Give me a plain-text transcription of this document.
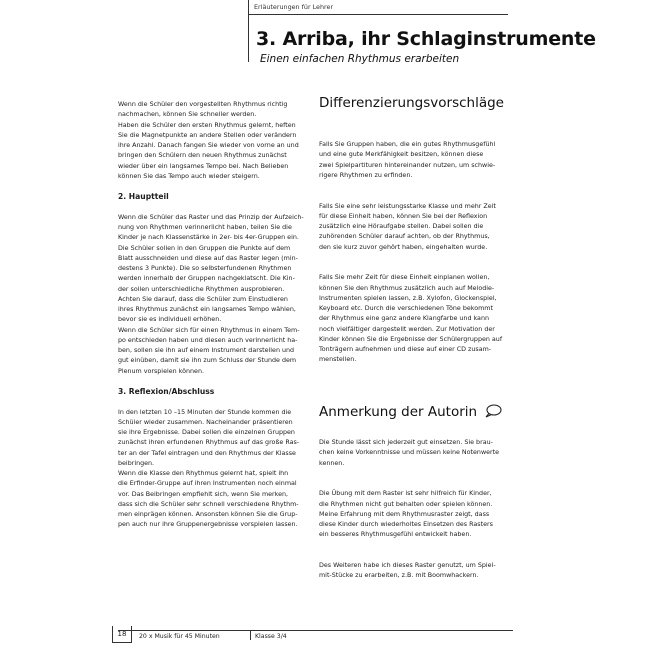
Erläuterungen für Lehrer
3. Arriba, ihr Schlaginstrumente
Einen einfachen Rhythmus erarbeiten

Wenn die Schüler den vorgestellten Rhythmus richtig

nachmachen, können Sie schneller werden.

Haben die Schüler den ersten Rhythmus gelernt, heften

Sie die Magnetpunkte an andere Stellen oder verändern

ihre Anzahl. Danach fangen Sie wieder von vorne an und

bringen den Schülern den neuen Rhythmus zunächst

wieder über ein langsames Tempo bei. Nach Belieben

können Sie das Tempo auch wieder steigern.

2. Hauptteil

Wenn die Schüler das Raster und das Prinzip der Aufzeich-

nung von Rhythmen verinnerlicht haben, teilen Sie die

Kinder je nach Klassenstärke in 2er- bis 4er-Gruppen ein.

Die Schüler sollen in den Gruppen die Punkte auf dem

Blatt ausschneiden und diese auf das Raster legen (min-

destens 3 Punkte). Die so selbsterfundenen Rhythmen

werden innerhalb der Gruppen nachgeklatscht. Die Kin-

der sollen unterschiedliche Rhythmen ausprobieren.

Achten Sie darauf, dass die Schüler zum Einstudieren

ihres Rhythmus zunächst ein langsames Tempo wählen,

bevor sie es individuell erhöhen.

Wenn die Schüler sich für einen Rhythmus in einem Tem-

po entschieden haben und diesen auch verinnerlicht ha-

ben, sollen sie ihn auf einem Instrument darstellen und

gut einüben, damit sie ihn zum Schluss der Stunde dem

Plenum vorspielen können.

3. Reflexion/Abschluss

In den letzten 10 –15 Minuten der Stunde kommen die

Schüler wieder zusammen. Nacheinander präsentieren

sie ihre Ergebnisse. Dabei sollen die einzelnen Gruppen

zunächst ihren erfundenen Rhythmus auf das große Ras-

ter an der Tafel eintragen und den Rhythmus der Klasse

beibringen.

Wenn die Klasse den Rhythmus gelernt hat, spielt ihn

die Erfinder-Gruppe auf ihren Instrumenten noch einmal

vor. Das Beibringen empfiehlt sich, wenn Sie merken,

dass sich die Schüler sehr schnell verschiedene Rhythm-

men einprägen können. Ansonsten können Sie die Grup-

pen auch nur ihre Gruppenergebnisse vorspielen lassen.

Differenzierungsvorschläge

Falls Sie Gruppen haben, die ein gutes Rhythmusgefühl

und eine gute Merkfähigkeit besitzen, können diese

zwei Spielpartituren hintereinander nutzen, um schwie-

rigere Rhythmen zu erfinden.

Falls Sie eine sehr leistungsstarke Klasse und mehr Zeit

für diese Einheit haben, können Sie bei der Reflexion

zusätzlich eine Höraufgabe stellen. Dabei sollen die

zuhörenden Schüler darauf achten, ob der Rhythmus,

den sie kurz zuvor gehört haben, eingehalten wurde.

Falls Sie mehr Zeit für diese Einheit einplanen wollen,

können Sie den Rhythmus zusätzlich auch auf Melodie-

Instrumenten spielen lassen, z.B. Xylofon, Glockenspiel,

Keyboard etc. Durch die verschiedenen Töne bekommt

der Rhythmus eine ganz andere Klangfarbe und kann

noch vielfältiger dargestellt werden. Zur Motivation der

Kinder können Sie die Ergebnisse der Schülergruppen auf

Tonträgern aufnehmen und diese auf einer CD zusam-

menstellen.

Anmerkung der Autorin

Die Stunde lässt sich jederzeit gut einsetzen. Sie brau-

chen keine Vorkenntnisse und müssen keine Notenwerte

kennen.

Die Übung mit dem Raster ist sehr hilfreich für Kinder,

die Rhythmen nicht gut behalten oder spielen können.

Meine Erfahrung mit dem Rhythmusraster zeigt, dass

diese Kinder durch wiederholtes Einsetzen des Rasters

ein besseres Rhythmusgefühl entwickelt haben.

Des Weiteren habe ich dieses Raster genutzt, um Spiel-

mit-Stücke zu erarbeiten, z.B. mit Boomwhackern.

18	20 x Musik für 45 Minuten	Klasse 3/4
